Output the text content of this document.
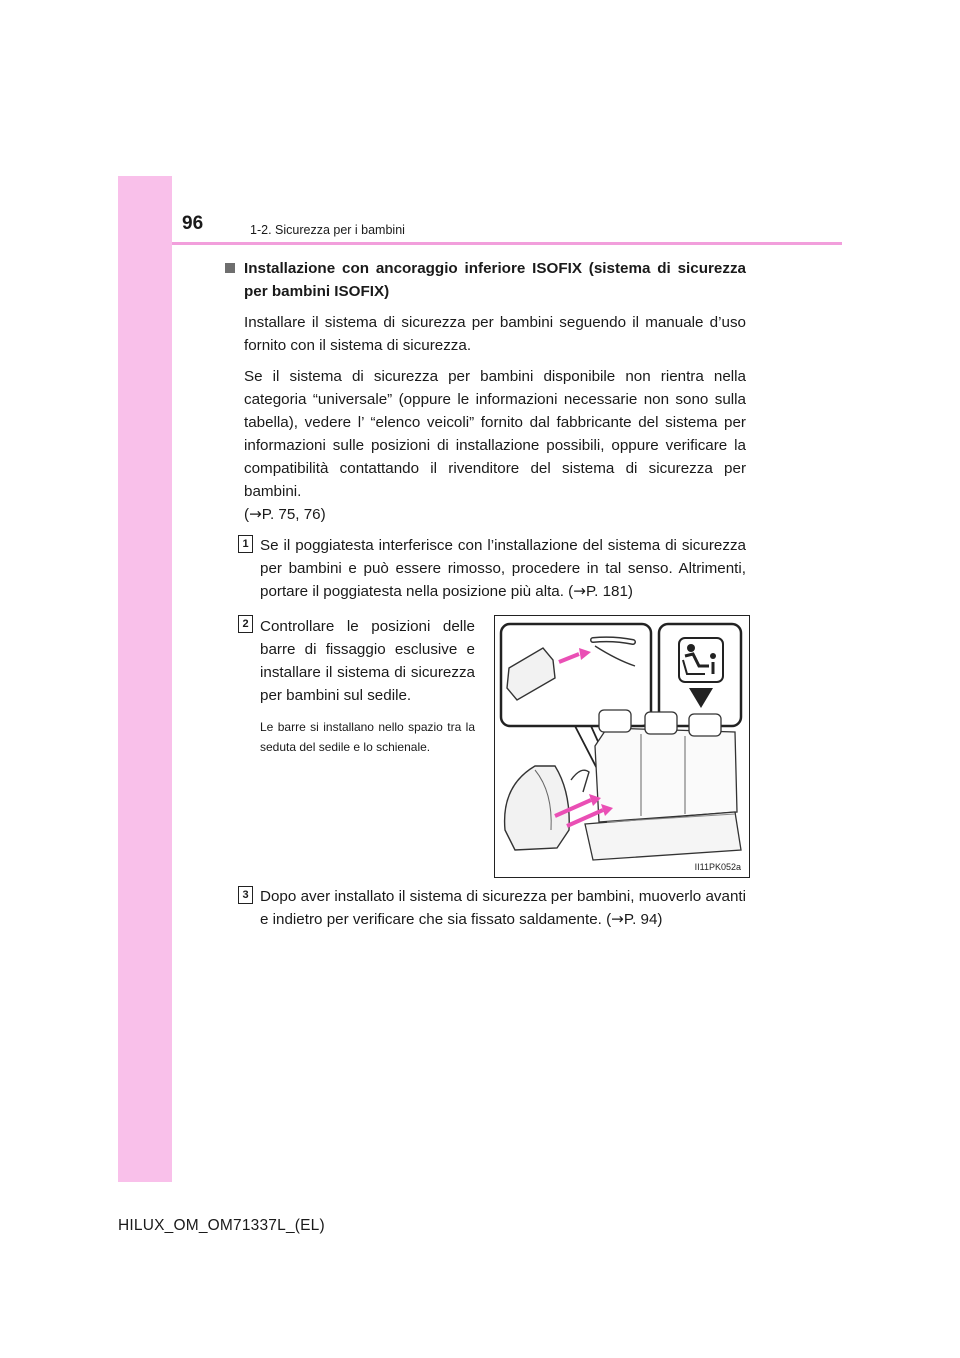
96	1-2. Sicurezza per i bambini

Installazione con ancoraggio inferiore ISOFIX (sistema di sicurezza per bambini ISOFIX)

Installare il sistema di sicurezza per bambini seguendo il manuale d’uso fornito con il sistema di sicurezza.

Se il sistema di sicurezza per bambini disponibile non rientra nella categoria “universale” (oppure le informazioni necessarie non sono sulla tabella), vedere l’ “elenco veicoli” fornito dal fabbricante del sistema per informazioni sulle posizioni di installazione possibili, oppure verificare la compatibilità contattando il rivenditore del sistema di sicurezza per bambini.

(→P. 75, 76)

1 Se il poggiatesta interferisce con l’installazione del sistema di sicurezza per bambini e può essere rimosso, procedere in tal senso. Altrimenti, portare il poggiatesta nella posizione più alta. (→P. 181)
2 Controllare le posizioni delle barre di fissaggio esclusive e installare il sistema di sicurezza per bambini sul sedile.
Le barre si installano nello spazio tra la seduta del sedile e lo schienale.
II11PK052a
3 Dopo aver installato il sistema di sicurezza per bambini, muoverlo avanti e indietro per verificare che sia fissato saldamente. (→P. 94)
HILUX_OM_OM71337L_(EL)
